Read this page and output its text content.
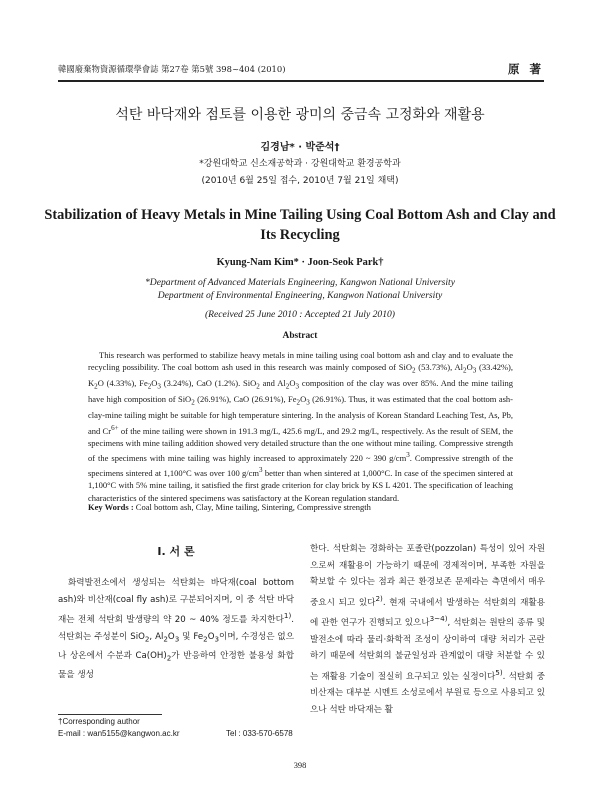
韓國廢棄物資源循環學會誌 第27卷 第5號 398~404 (2010)	原 著
석탄 바닥재와 점토를 이용한 광미의 중금속 고정화와 재활용
김경남* · 박준석†
*강원대학교 신소재공학과 · 강원대학교 환경공학과
(2010년 6월 25일 접수, 2010년 7월 21일 채택)
Stabilization of Heavy Metals in Mine Tailing Using Coal Bottom Ash and Clay and Its Recycling
Kyung-Nam Kim* · Joon-Seok Park†
*Department of Advanced Materials Engineering, Kangwon National University
Department of Environmental Engineering, Kangwon National University
(Received 25 June 2010 : Accepted 21 July 2010)
Abstract
This research was performed to stabilize heavy metals in mine tailing using coal bottom ash and clay and to evaluate the recycling possibility. The coal bottom ash used in this research was mainly composed of SiO$_2$ (53.73%), $Al_2O_3$ (33.42%), $K_2O$ (4.33%), $Fe_2O_3$ (3.24%), CaO (1.2%). SiO$_2$ and $Al_2O_3$ composition of the clay was over 85%. And the mine tailing have high composition of SiO$_2$ (26.91%), CaO (26.91%), $Fe_2O_3$ (26.91%). Thus, it was estimated that the coal bottom ash-clay-mine tailing might be suitable for high temperature sintering. In the analysis of Korean Standard Leaching Test, As, Pb, and $Cr^{6+}$ of the mine tailing were shown in 191.3 mg/L, 425.6 mg/L, and 29.2 mg/L, respectively. As the result of SEM, the specimens with mine tailing addition showed very detailed structure than the one without mine tailing. Compressive strength of the specimens with mine tailing was highly increased to approximately 220 ~ 390 $g/cm^3$. Compressive strength of the specimens sintered at 1,100°C was over 100 $g/cm^3$ better than when sintered at 1,000°C. In case of the specimen sintered at 1,100°C with 5% mine tailing, it satisfied the first grade criterion for clay brick by KS L 4201. The specification of leaching characteristics of the sintered specimens was satisfactory at the Korean regulation standard.
Key Words : Coal bottom ash, Clay, Mine tailing, Sintering, Compressive strength
I. 서 론
화력발전소에서 생성되는 석탄회는 바닥재(coal bottom ash)와 비산재(coal fly ash)로 구분되어지며, 이 중 석탄 바닥재는 전체 석탄회 발생량의 약 20 ~ 40% 정도를 차지한다$^{1)}$. 석탄회는 주성분이 SiO$_2$, $Al_2O_3$ 및 $Fe_2O_3$이며, 수경성은 없으나 상온에서 수분과 $Ca(OH)_2$가 반응하여 안정한 불용성 화합물을 생성
한다. 석탄회는 경화하는 포졸란(pozzolan) 특성이 있어 자원으로써 재활용이 가능하기 때문에 경제적이며, 부족한 자원을 확보할 수 있다는 점과 최근 환경보존 문제라는 측면에서 매우 중요시 되고 있다$^{2)}$. 현재 국내에서 발생하는 석탄회의 재활용에 관한 연구가 진행되고 있으나$^{3\sim 4)}$, 석탄회는 원탄의 종류 및 발전소에 따라 물리·화학적 조성이 상이하여 대량 처리가 곤란하기 때문에 석탄회의 불균일성과 관계없이 대량 처분할 수 있는 재활용 기술이 절실히 요구되고 있는 실정이다$^{5)}$. 석탄회 중 비산재는 대부분 시멘트 소성로에서 부원료 등으로 사용되고 있으나 석탄 바닥재는 활
†Corresponding author
E-mail : wan5155@kangwon.ac.kr	Tel : 033-570-6578
398
